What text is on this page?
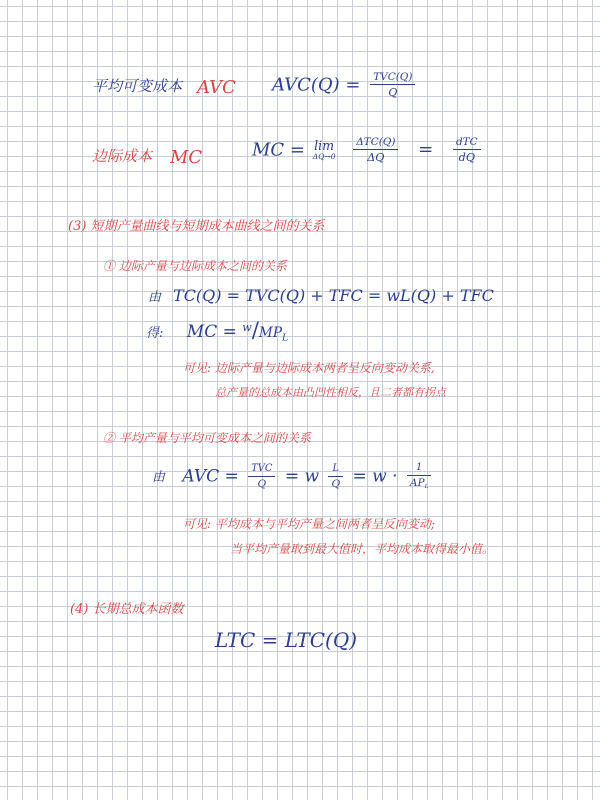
平均可变成本 AVC $AVC(Q) = \frac{\text{TVC(Q)}}{Q}$
边际成本 MC	MC = lim
ΔQ→0
$\frac{\text{ΔTC(Q)}}{\Delta Q} = \frac{\text{dTC}}{dQ}$
(3) 短期产量曲线与短期成本曲线之间的关系
① 边际产量与边际成本之间的关系
由 TC(Q) = TVC(Q) + TFC = wL(Q) + TFC
得: MC = $^w/MP_L$
可见: 边际产量与边际成本两者呈反向变动关系,
总产量的总成本由凸凹性相反，且二者都有拐点
② 平均产量与平均可变成本之间的关系
由 AVC = $\frac{\text{TVC}}{Q} = w \frac{L}{Q} = w \cdot \frac{1}{AP_L}$
可见: 平均成本与平均产量之间两者呈反向变动;
当平均产量取到最大值时，平均成本取得最小值。
(4) 长期总成本函数
LTC = LTC(Q)
